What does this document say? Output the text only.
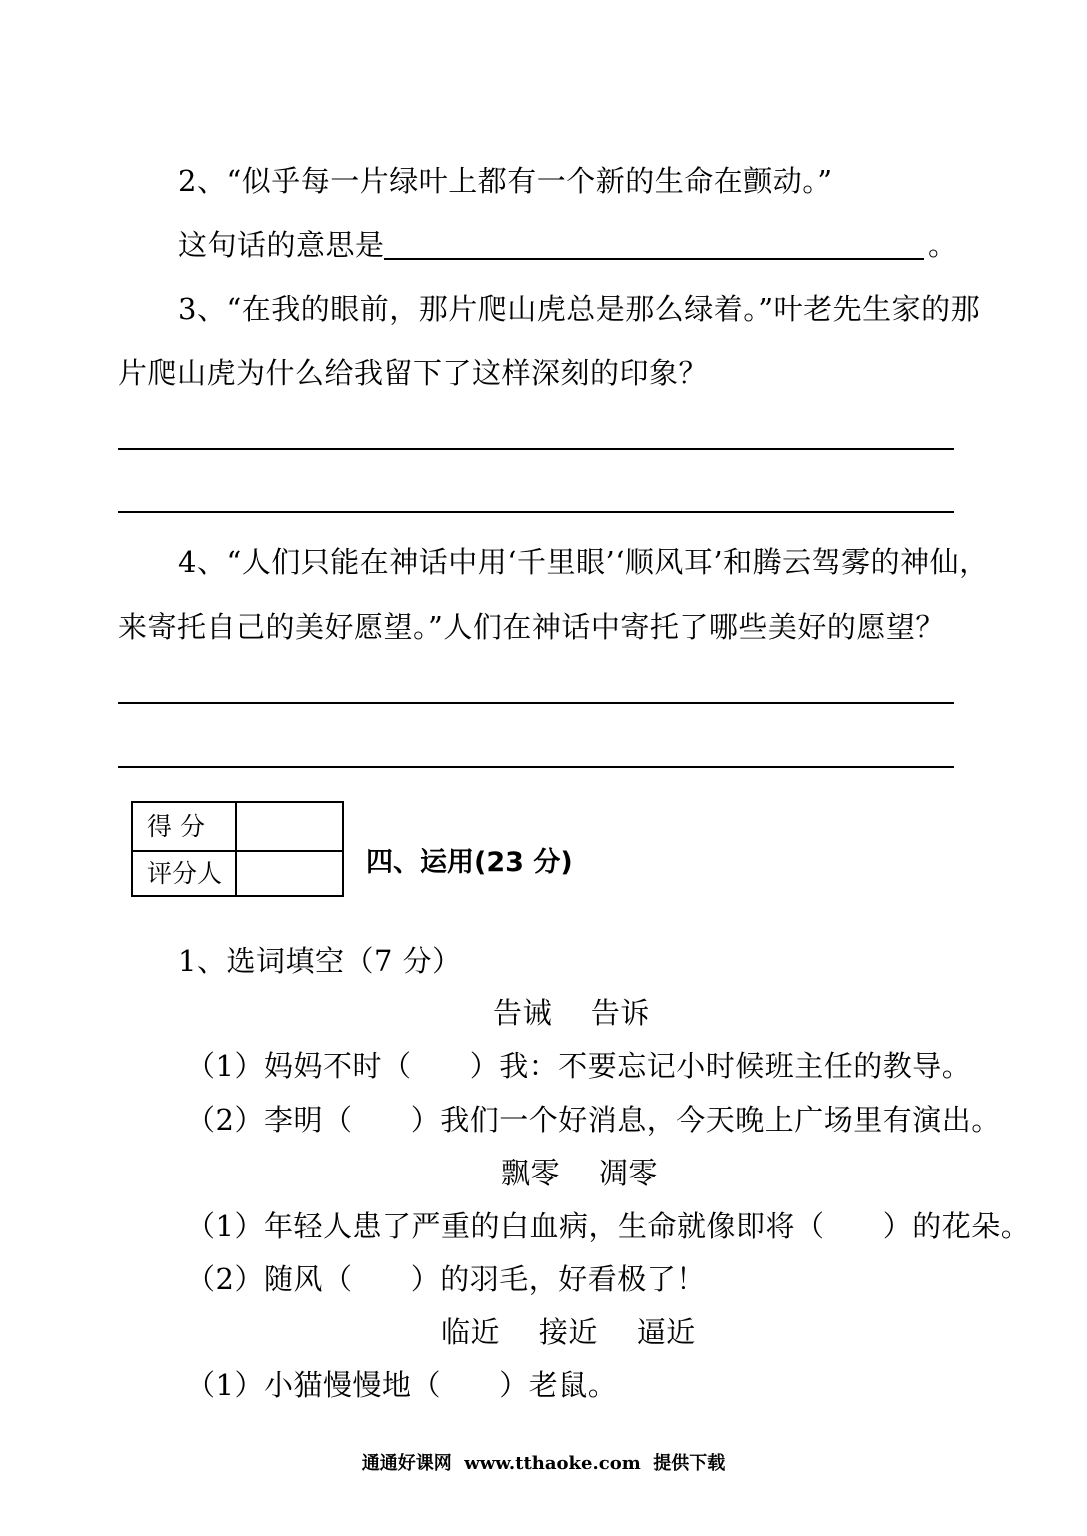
2、“似乎每一片绿叶上都有一个新的生命在颤动。”
这句话的意思是	。
3、“在我的眼前，那片爬山虎总是那么绿着。”叶老先生家的那
片爬山虎为什么给我留下了这样深刻的印象？
4、“人们只能在神话中用‘千里眼’‘顺风耳’和腾云驾雾的神仙，
来寄托自己的美好愿望。”人们在神话中寄托了哪些美好的愿望？
得 分
评分人	四、运用(23 分)
1、选词填空（7 分）
告诫    告诉
（1）妈妈不时（      ）我：不要忘记小时候班主任的教导。
（2）李明（      ）我们一个好消息，今天晚上广场里有演出。
飘零    凋零
（1）年轻人患了严重的白血病，生命就像即将（      ）的花朵。
（2）随风（      ）的羽毛，好看极了！
临近    接近    逼近
（1）小猫慢慢地（      ）老鼠。
通通好课网  www.tthaoke.com  提供下载
